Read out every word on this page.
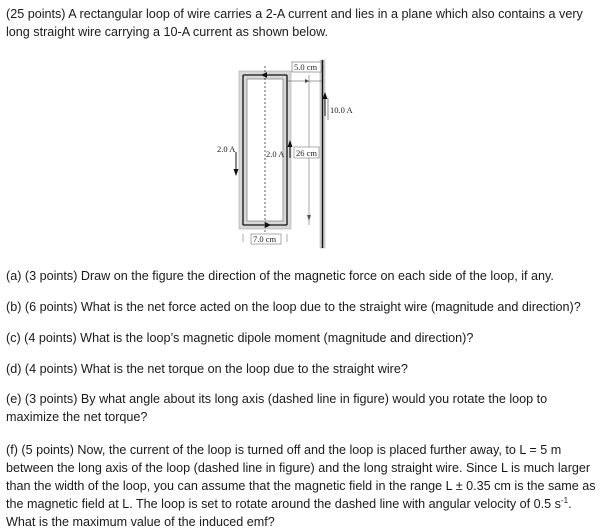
(25 points) A rectangular loop of wire carries a 2-A current and lies in a plane which also contains a very long straight wire carrying a 10-A current as shown below.

5.0 cm
10.0 A
2.0 A	2.0 A 26 cm
7.0 cm

(a) (3 points) Draw on the figure the direction of the magnetic force on each side of the loop, if any.

(b) (6 points) What is the net force acted on the loop due to the straight wire (magnitude and direction)?

(c) (4 points) What is the loop’s magnetic dipole moment (magnitude and direction)?

(d) (4 points) What is the net torque on the loop due to the straight wire?

(e) (3 points) By what angle about its long axis (dashed line in figure) would you rotate the loop to maximize the net torque?

(f) (5 points) Now, the current of the loop is turned off and the loop is placed further away, to L = 5 m between the long axis of the loop (dashed line in figure) and the long straight wire. Since L is much larger than the width of the loop, you can assume that the magnetic field in the range L ± 0.35 cm is the same as the magnetic field at L. The loop is set to rotate around the dashed line with angular velocity of 0.5 $s^{-1}$.
What is the maximum value of the induced emf?
